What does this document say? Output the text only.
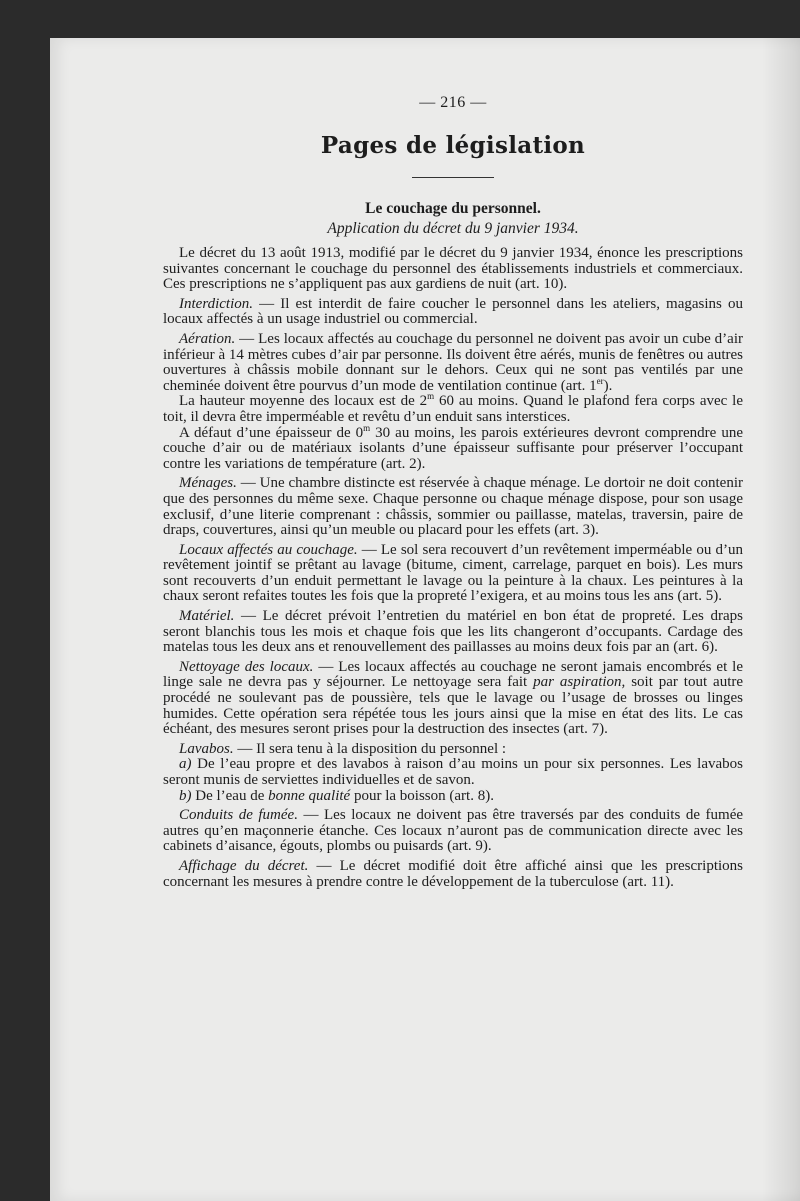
— 216 —
Pages de législation
Le couchage du personnel.
Application du décret du 9 janvier 1934.

Le décret du 13 août 1913, modifié par le décret du 9 janvier 1934, énonce les prescriptions suivantes concernant le couchage du personnel des établissements industriels et commerciaux. Ces prescriptions ne s’appliquent pas aux gardiens de nuit (art. 10).

Interdiction. — Il est interdit de faire coucher le personnel dans les ateliers, magasins ou locaux affectés à un usage industriel ou commercial.

Aération. — Les locaux affectés au couchage du personnel ne doivent pas avoir un cube d’air inférieur à 14 mètres cubes d’air par personne. Ils doivent être aérés, munis de fenêtres ou autres ouvertures à châssis mobile donnant sur le dehors. Ceux qui ne sont pas ventilés par une cheminée doivent être pourvus d’un mode de ventilation continue (art. 1er).

La hauteur moyenne des locaux est de 2$^m$ 60 au moins. Quand le plafond fera corps avec le toit, il devra être imperméable et revêtu d’un enduit sans interstices.

A défaut d’une épaisseur de 0$^m$ 30 au moins, les parois extérieures devront comprendre une couche d’air ou de matériaux isolants d’une épaisseur suffisante pour préserver l’occupant contre les variations de température (art. 2).

Ménages. — Une chambre distincte est réservée à chaque ménage. Le dortoir ne doit contenir que des personnes du même sexe. Chaque personne ou chaque ménage dispose, pour son usage exclusif, d’une literie comprenant : châssis, sommier ou paillasse, matelas, traversin, paire de draps, couvertures, ainsi qu’un meuble ou placard pour les effets (art. 3).

Locaux affectés au couchage. — Le sol sera recouvert d’un revêtement imperméable ou d’un revêtement jointif se prêtant au lavage (bitume, ciment, carrelage, parquet en bois). Les murs sont recouverts d’un enduit permettant le lavage ou la peinture à la chaux. Les peintures à la chaux seront refaites toutes les fois que la propreté l’exigera, et au moins tous les ans (art. 5).

Matériel. — Le décret prévoit l’entretien du matériel en bon état de propreté. Les draps seront blanchis tous les mois et chaque fois que les lits changeront d’occupants. Cardage des matelas tous les deux ans et renouvellement des paillasses au moins deux fois par an (art. 6).

Nettoyage des locaux. — Les locaux affectés au couchage ne seront jamais encombrés et le linge sale ne devra pas y séjourner. Le nettoyage sera fait par aspiration, soit par tout autre procédé ne soulevant pas de poussière, tels que le lavage ou l’usage de brosses ou linges humides. Cette opération sera répétée tous les jours ainsi que la mise en état des lits. Le cas échéant, des mesures seront prises pour la destruction des insectes (art. 7).

Lavabos. — Il sera tenu à la disposition du personnel :

a) De l’eau propre et des lavabos à raison d’au moins un pour six personnes. Les lavabos seront munis de serviettes individuelles et de savon.

b) De l’eau de bonne qualité pour la boisson (art. 8).

Conduits de fumée. — Les locaux ne doivent pas être traversés par des conduits de fumée autres qu’en maçonnerie étanche. Ces locaux n’auront pas de communication directe avec les cabinets d’aisance, égouts, plombs ou puisards (art. 9).

Affichage du décret. — Le décret modifié doit être affiché ainsi que les prescriptions concernant les mesures à prendre contre le développement de la tuberculose (art. 11).
